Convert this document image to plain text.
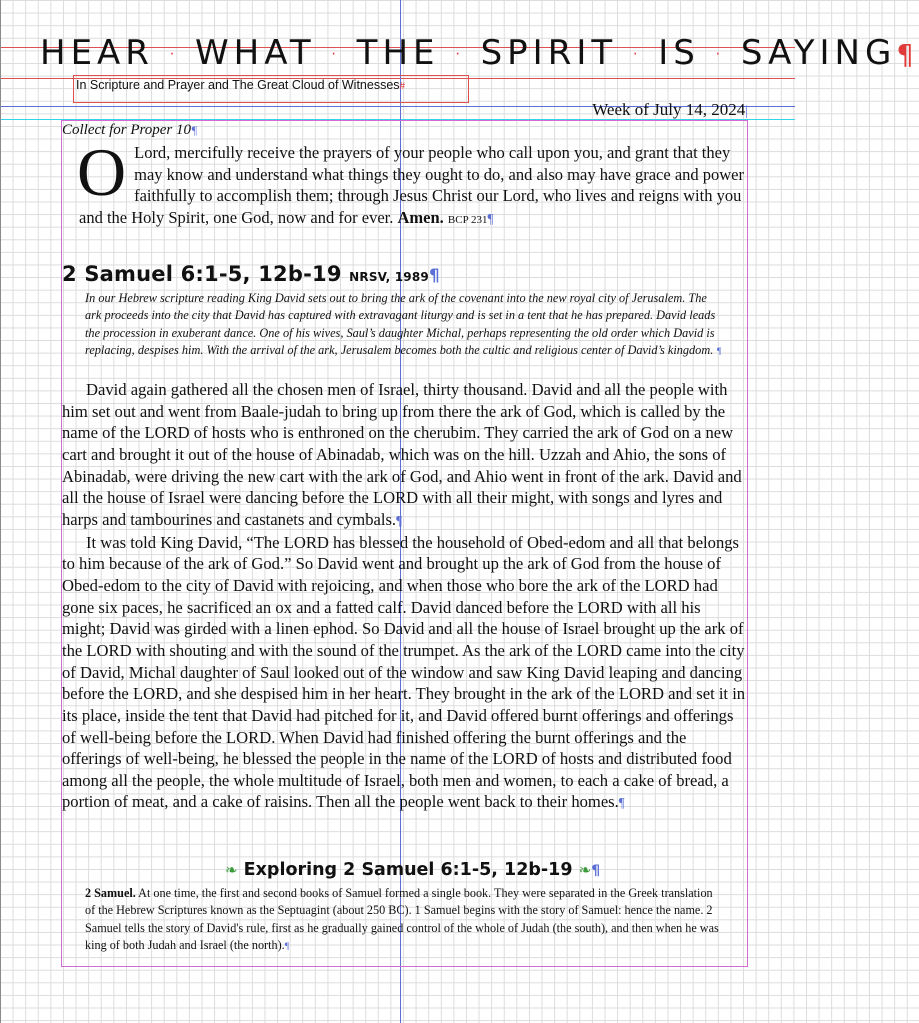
HEAR · WHAT · THE · SPIRIT · IS · SAYING¶
In Scripture and Prayer and The Great Cloud of Witnesses#
Week of July 14, 2024|
Collect for Proper 10¶
O Lord, mercifully receive the prayers of your people who call upon you, and grant that they may know and understand what things they ought to do, and also may have grace and power faithfully to accomplish them; through Jesus Christ our Lord, who lives and reigns with you and the Holy Spirit, one God, now and for ever. Amen. BCP 231¶
2 Samuel 6:1-5, 12b-19 NRSV, 1989¶
In our Hebrew scripture reading King David sets out to bring the ark of the covenant into the new royal city of Jerusalem. The ark proceeds into the city that David has captured with extravagant liturgy and is set in a tent that he has prepared. David leads the procession in exuberant dance. One of his wives, Saul’s daughter Michal, perhaps representing the old order which David is replacing, despises him. With the arrival of the ark, Jerusalem becomes both the cultic and religious center of David’s kingdom. ¶

David again gathered all the chosen men of Israel, thirty thousand. David and all the people with him set out and went from Baale-judah to bring up from there the ark of God, which is called by the name of the LORD of hosts who is enthroned on the cherubim. They carried the ark of God on a new cart and brought it out of the house of Abinadab, which was on the hill. Uzzah and Ahio, the sons of Abinadab, were driving the new cart with the ark of God, and Ahio went in front of the ark. David and all the house of Israel were dancing before the LORD with all their might, with songs and lyres and harps and tambourines and castanets and cymbals.¶

It was told King David, “The LORD has blessed the household of Obed-edom and all that belongs to him because of the ark of God.” So David went and brought up the ark of God from the house of Obed-edom to the city of David with rejoicing, and when those who bore the ark of the LORD had gone six paces, he sacrificed an ox and a fatted calf. David danced before the LORD with all his might; David was girded with a linen ephod. So David and all the house of Israel brought up the ark of the LORD with shouting and with the sound of the trumpet. As the ark of the LORD came into the city of David, Michal daughter of Saul looked out of the window and saw King David leaping and dancing before the LORD, and she despised him in her heart. They brought in the ark of the LORD and set it in its place, inside the tent that David had pitched for it, and David offered burnt offerings and offerings of well-being before the LORD. When David had finished offering the burnt offerings and the offerings of well-being, he blessed the people in the name of the LORD of hosts and distributed food among all the people, the whole multitude of Israel, both men and women, to each a cake of bread, a portion of meat, and a cake of raisins. Then all the people went back to their homes.¶

❧ Exploring 2 Samuel 6:1-5, 12b-19 ❧¶
2 Samuel. At one time, the first and second books of Samuel formed a single book. They were separated in the Greek translation of the Hebrew Scriptures known as the Septuagint (about 250 BC). 1 Samuel begins with the story of Samuel: hence the name. 2 Samuel tells the story of David's rule, first as he gradually gained control of the whole of Judah (the south), and then when he was king of both Judah and Israel (the north).¶
